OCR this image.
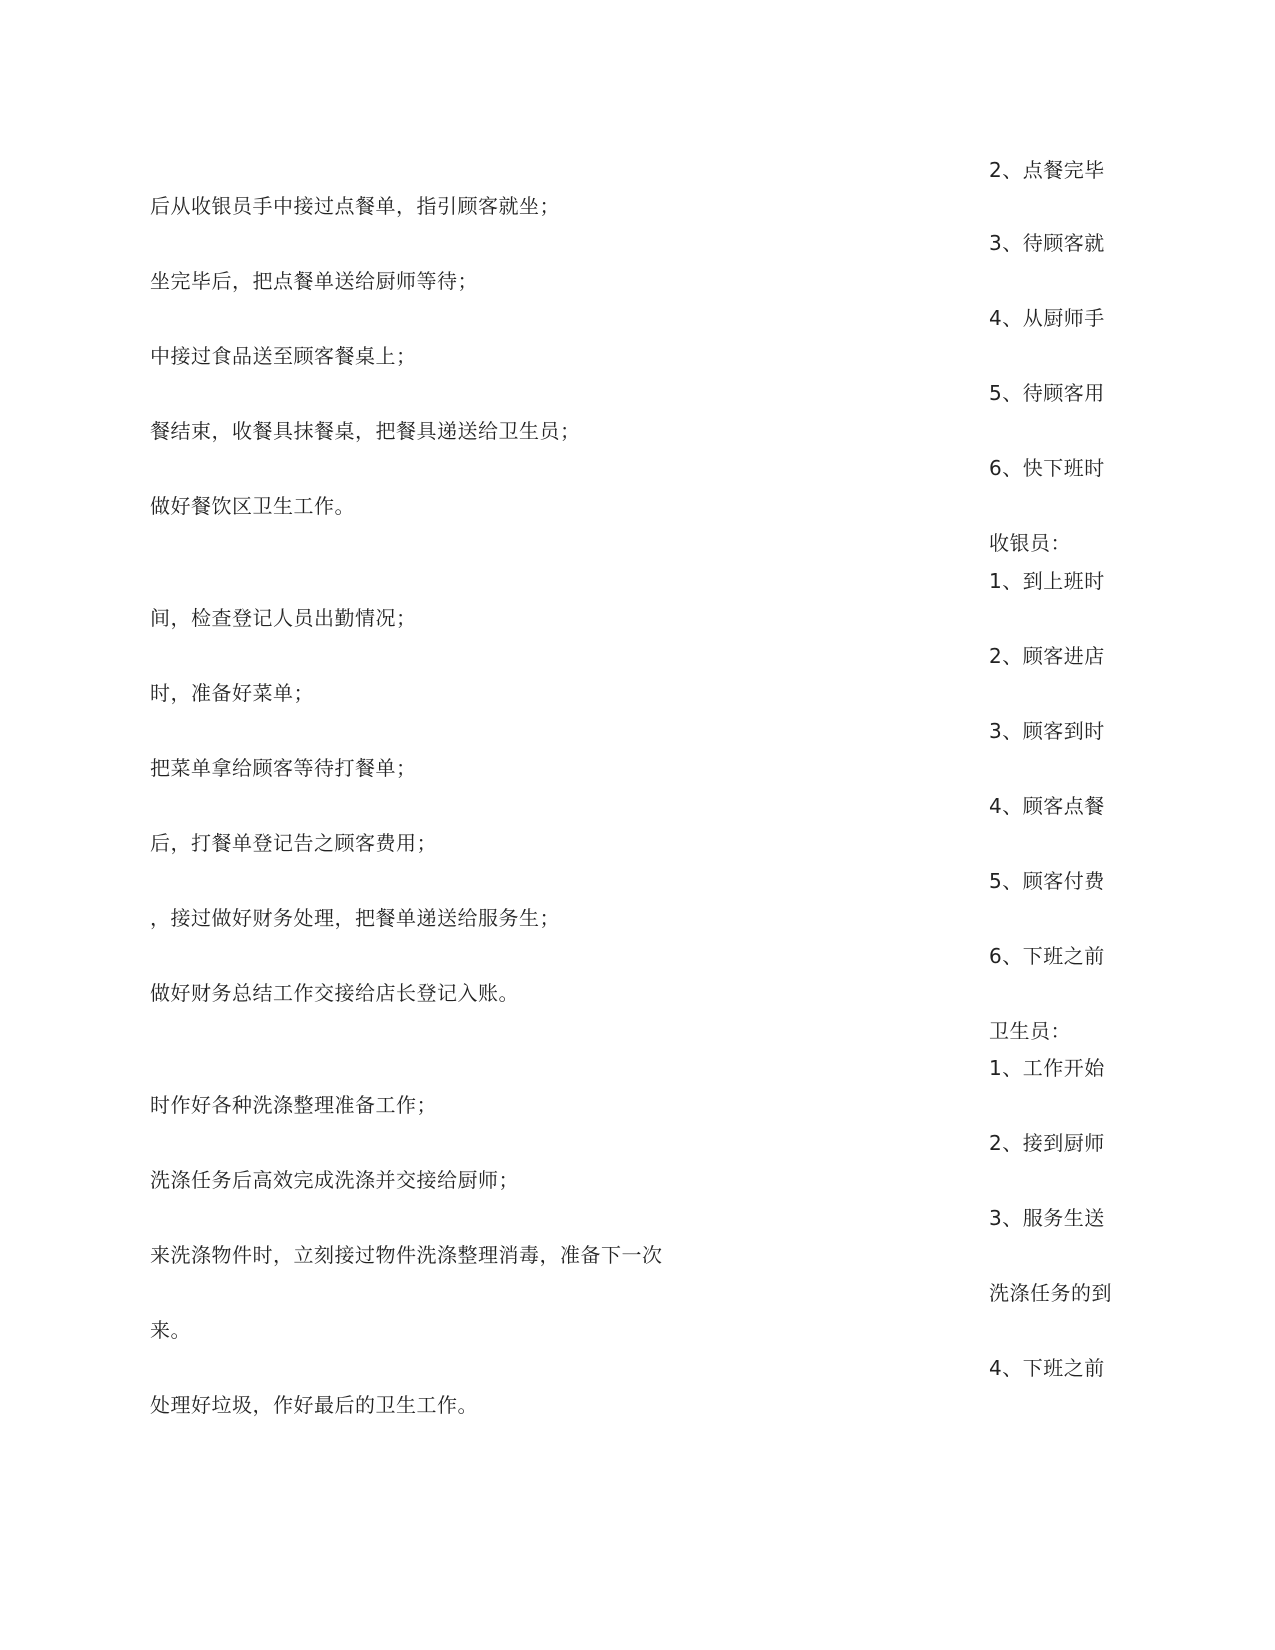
2、点餐完毕
3、待顾客就
4、从厨师手
5、待顾客用
6、快下班时
收银员：
1、到上班时
2、顾客进店
3、顾客到时
4、顾客点餐
5、顾客付费
6、下班之前
卫生员：
1、工作开始
2、接到厨师
3、服务生送
洗涤任务的到
4、下班之前
后从收银员手中接过点餐单，指引顾客就坐；
坐完毕后，把点餐单送给厨师等待；
中接过食品送至顾客餐桌上；
餐结束，收餐具抹餐桌，把餐具递送给卫生员；
做好餐饮区卫生工作。
间，检查登记人员出勤情况；
时，准备好菜单；
把菜单拿给顾客等待打餐单；
后，打餐单登记告之顾客费用；
，接过做好财务处理，把餐单递送给服务生；
做好财务总结工作交接给店长登记入账。
时作好各种洗涤整理准备工作；
洗涤任务后高效完成洗涤并交接给厨师；
来洗涤物件时，立刻接过物件洗涤整理消毒，准备下一次
来。
处理好垃圾，作好最后的卫生工作。
